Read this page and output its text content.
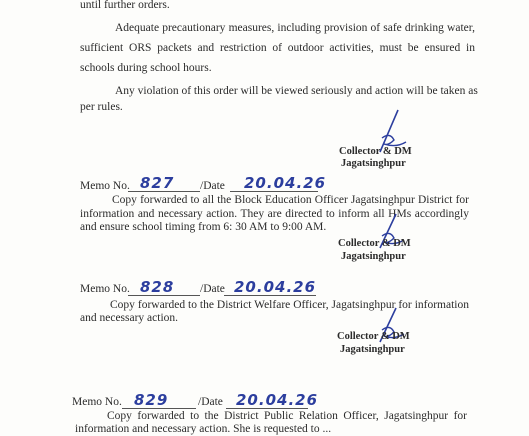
until further orders.
Adequate precautionary measures, including provision of safe drinking water,
sufficient ORS packets and restriction of outdoor activities, must be ensured in
schools during school hours.
Any violation of this order will be viewed seriously and action will be taken as
per rules.
Collector & DM
Jagatsinghpur
Memo No. 827 /Date 20.04.26
Copy forwarded to all the Block Education Officer Jagatsinghpur District for
information and necessary action. They are directed to inform all HMs accordingly
and ensure school timing from 6: 30 AM to 9:00 AM.
Collector & DM
Jagatsinghpur
Memo No. 828 /Date 20.04.26
Copy forwarded to the District Welfare Officer, Jagatsinghpur for information
and necessary action.
Collector & DM
Jagatsinghpur
Memo No. 829	/Date 20.04.26
Copy forwarded to the District Public Relation Officer, Jagatsinghpur for
information and necessary action. She is requested to ...
